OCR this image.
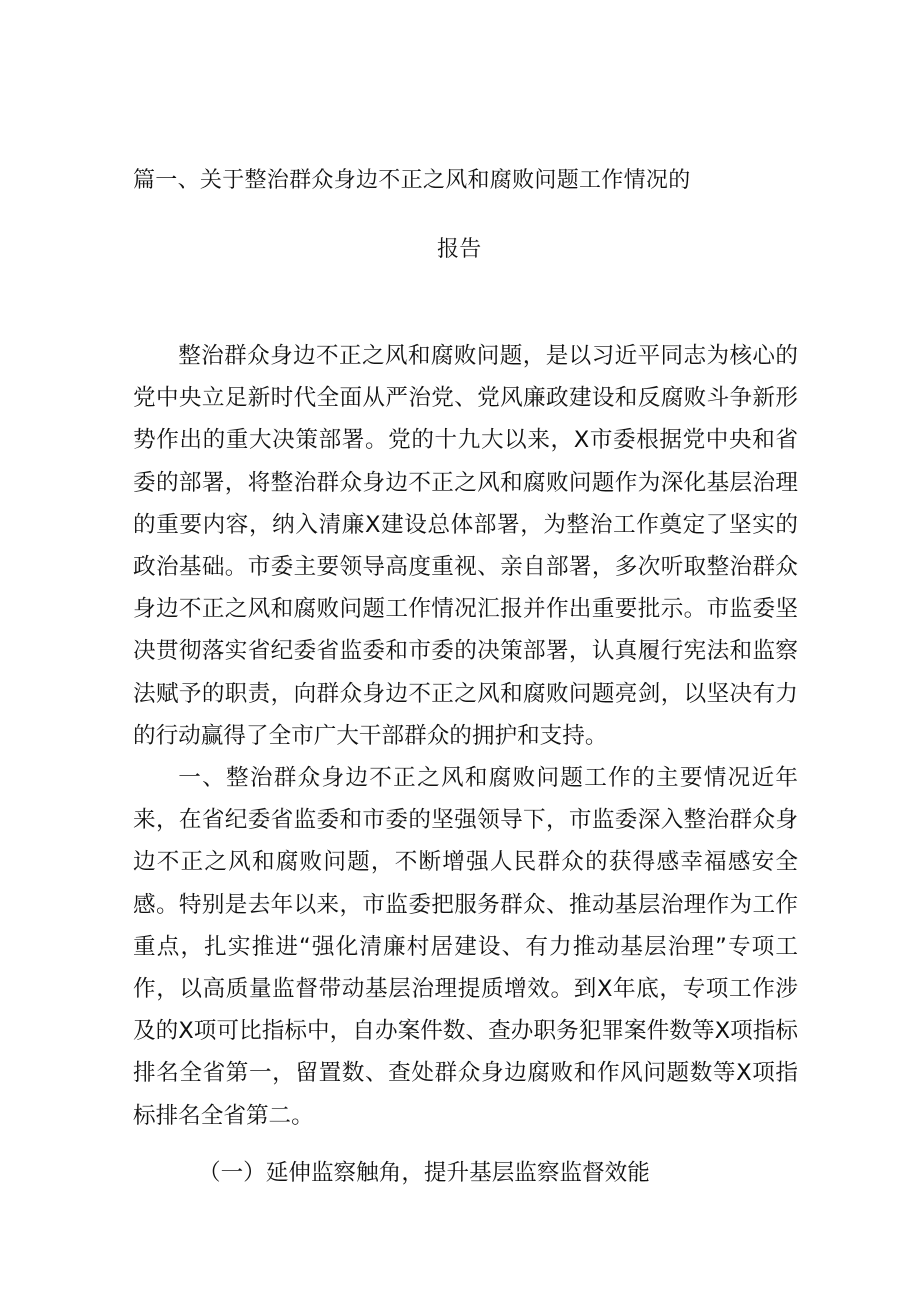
篇一、关于整治群众身边不正之风和腐败问题工作情况的
报告

整治群众身边不正之风和腐败问题，是以习近平同志为核心的党中央立足新时代全面从严治党、党风廉政建设和反腐败斗争新形势作出的重大决策部署。党的十九大以来，X市委根据党中央和省委的部署，将整治群众身边不正之风和腐败问题作为深化基层治理的重要内容，纳入清廉X建设总体部署，为整治工作奠定了坚实的政治基础。市委主要领导高度重视、亲自部署，多次听取整治群众身边不正之风和腐败问题工作情况汇报并作出重要批示。市监委坚决贯彻落实省纪委省监委和市委的决策部署，认真履行宪法和监察法赋予的职责，向群众身边不正之风和腐败问题亮剑，以坚决有力的行动赢得了全市广大干部群众的拥护和支持。

一、整治群众身边不正之风和腐败问题工作的主要情况近年来，在省纪委省监委和市委的坚强领导下，市监委深入整治群众身边不正之风和腐败问题，不断增强人民群众的获得感幸福感安全感。特别是去年以来，市监委把服务群众、推动基层治理作为工作重点，扎实推进“强化清廉村居建设、有力推动基层治理”专项工作，以高质量监督带动基层治理提质增效。到X年底，专项工作涉及的X项可比指标中，自办案件数、查办职务犯罪案件数等X项指标排名全省第一，留置数、查处群众身边腐败和作风问题数等X项指标排名全省第二。

（一）延伸监察触角，提升基层监察监督效能
